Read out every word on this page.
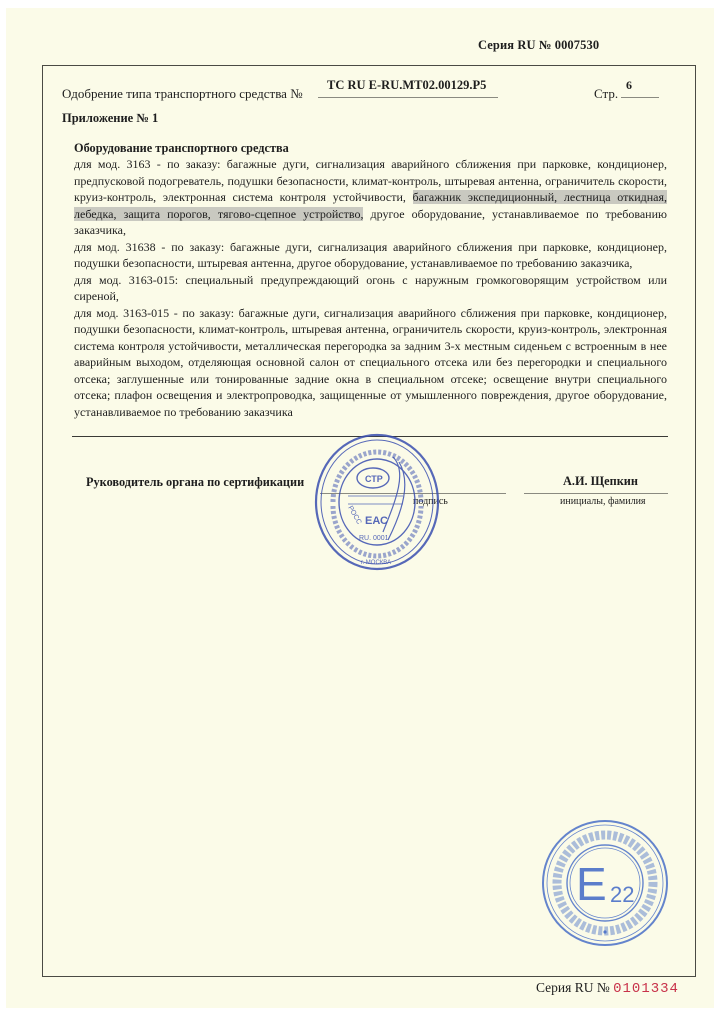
Серия RU № 0007530
Одобрение типа транспортного средства №
ТС RU E-RU.MT02.00129.P5
Стр.
6
Приложение № 1
Оборудование транспортного средства

для мод. 3163 - по заказу: багажные дуги, сигнализация аварийного сближения при парковке, кондиционер, предпусковой подогреватель, подушки безопасности, климат-контроль, штыревая антенна, ограничитель скорости, круиз-контроль, электронная система контроля устойчивости, багажник экспедиционный, лестница откидная, лебедка, защита порогов, тягово-сцепное устройство, другое оборудование, устанавливаемое по требованию заказчика,

для мод. 31638 - по заказу: багажные дуги, сигнализация аварийного сближения при парковке, кондиционер, подушки безопасности, штыревая антенна, другое оборудование, устанавливаемое по требованию заказчика,

для мод. 3163-015: специальный предупреждающий огонь с наружным громкоговорящим устройством или сиреной,

для мод. 3163-015 - по заказу: багажные дуги, сигнализация аварийного сближения при парковке, кондиционер, подушки безопасности, климат-контроль, штыревая антенна, ограничитель скорости, круиз-контроль, электронная система контроля устойчивости, металлическая перегородка за задним 3-х местным сиденьем с встроенным в нее аварийным выходом, отделяющая основной салон от специального отсека или без перегородки и специального отсека; заглушенные или тонированные задние окна в специальном отсеке; освещение внутри специального отсека; плафон освещения и электропроводка, защищенные от умышленного повреждения, другое оборудование, устанавливаемое по требованию заказчика

Руководитель органа по сертификации
подпись
А.И. Щепкин
инициалы, фамилия
СТР
ЕАС
РОСС
RU. 0001
г. МОСКВА
E 22
Серия RU № 0101334
